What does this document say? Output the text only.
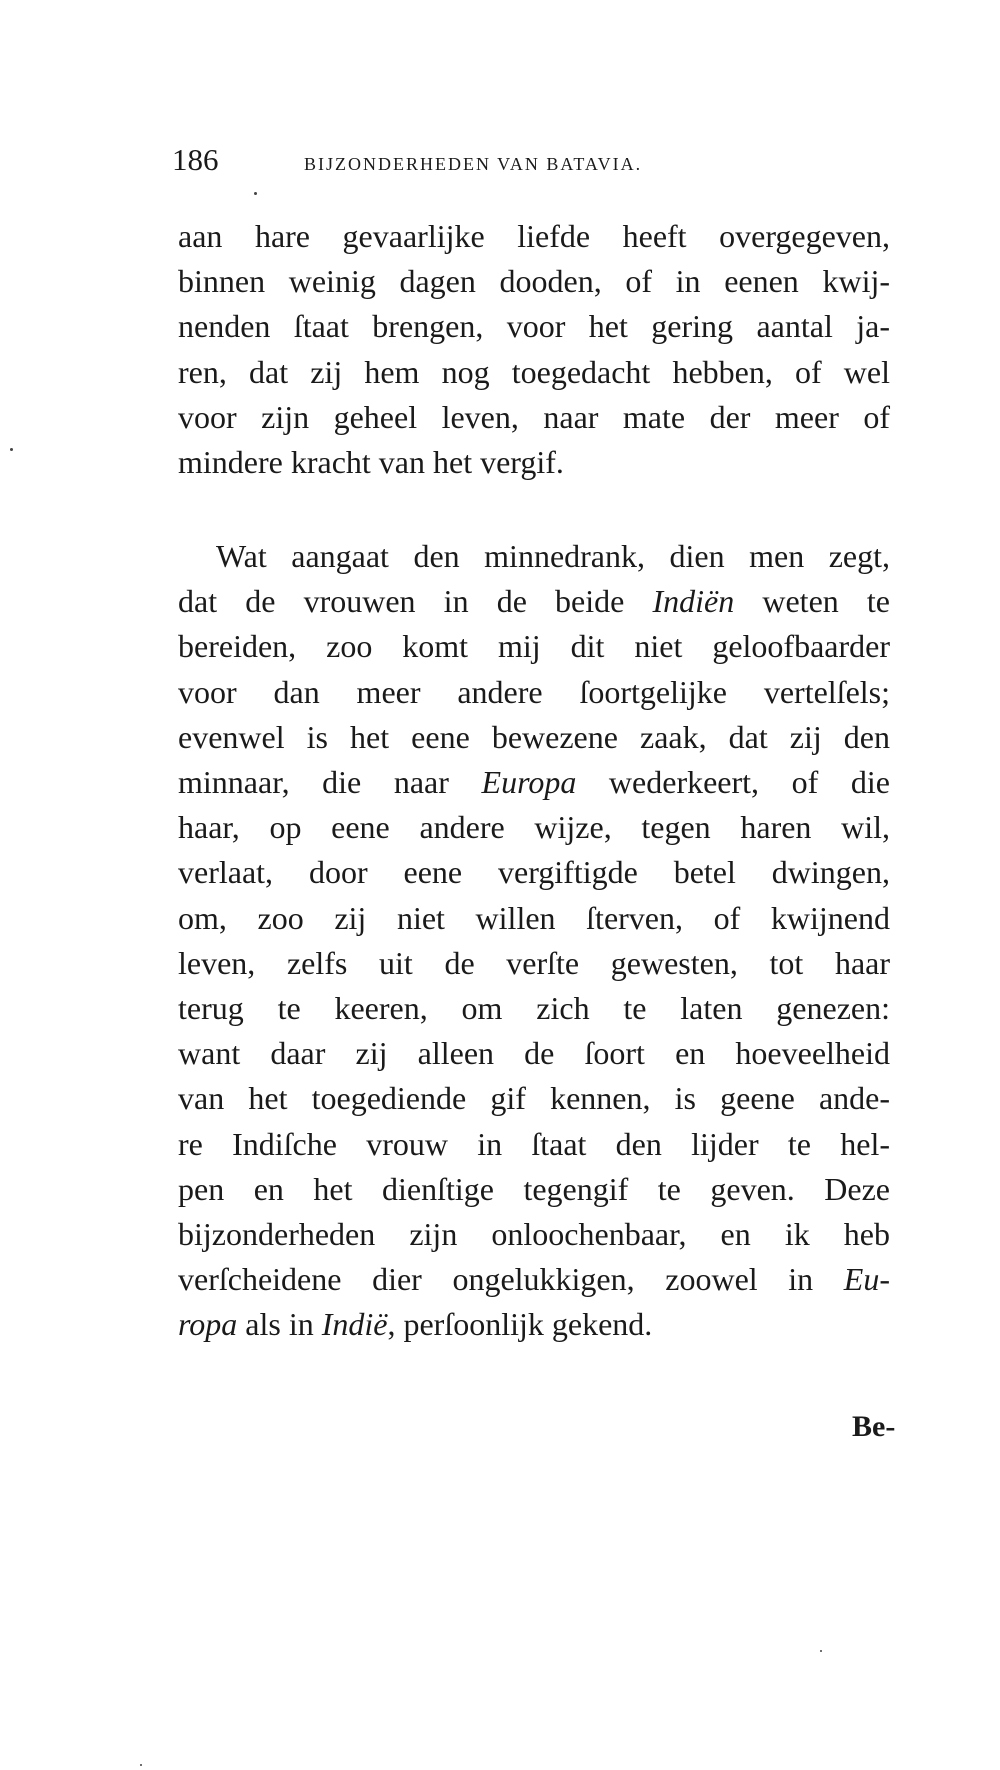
186	BIJZONDERHEDEN VAN BATAVIA.
aan hare gevaarlijke liefde heeft overgegeven,
binnen weinig dagen dooden, of in eenen kwij-
nenden ſtaat brengen, voor het gering aantal ja-
ren, dat zij hem nog toegedacht hebben, of wel
voor zijn geheel leven, naar mate der meer of
mindere kracht van het vergif.
Wat aangaat den minnedrank, dien men zegt,
dat de vrouwen in de beide Indiën weten te
bereiden, zoo komt mij dit niet geloofbaarder
voor dan meer andere ſoortgelijke vertelſels;
evenwel is het eene bewezene zaak, dat zij den
minnaar, die naar Europa wederkeert, of die
haar, op eene andere wijze, tegen haren wil,
verlaat, door eene vergiftigde betel dwingen,
om, zoo zij niet willen ſterven, of kwijnend
leven, zelfs uit de verſte gewesten, tot haar
terug te keeren, om zich te laten genezen:
want daar zij alleen de ſoort en hoeveelheid
van het toegediende gif kennen, is geene ande-
re Indiſche vrouw in ſtaat den lijder te hel-
pen en het dienſtige tegengif te geven. Deze
bijzonderheden zijn onloochenbaar, en ik heb
verſcheidene dier ongelukkigen, zoowel in Eu-
ropa als in Indië, perſoonlijk gekend.
Be-
